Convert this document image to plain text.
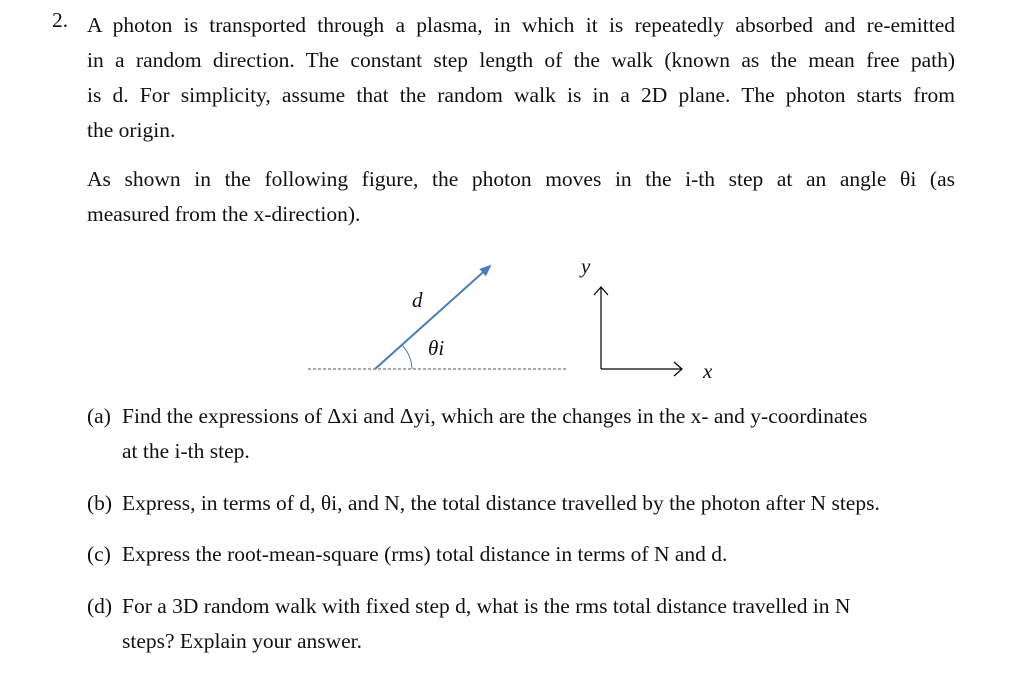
2. A photon is transported through a plasma, in which it is repeatedly absorbed and re-emitted
in a random direction. The constant step length of the walk (known as the mean free path)
is d. For simplicity, assume that the random walk is in a 2D plane. The photon starts from
the origin.
As shown in the following figure, the photon moves in the i-th step at an angle θi (as
measured from the x-direction).
d
θi
y
x
(a) Find the expressions of Δxi and Δyi, which are the changes in the x- and y-coordinates
at the i-th step.
(b) Express, in terms of d, θi, and N, the total distance travelled by the photon after N steps.
(c) Express the root-mean-square (rms) total distance in terms of N and d.
(d) For a 3D random walk with fixed step d, what is the rms total distance travelled in N
steps? Explain your answer.
